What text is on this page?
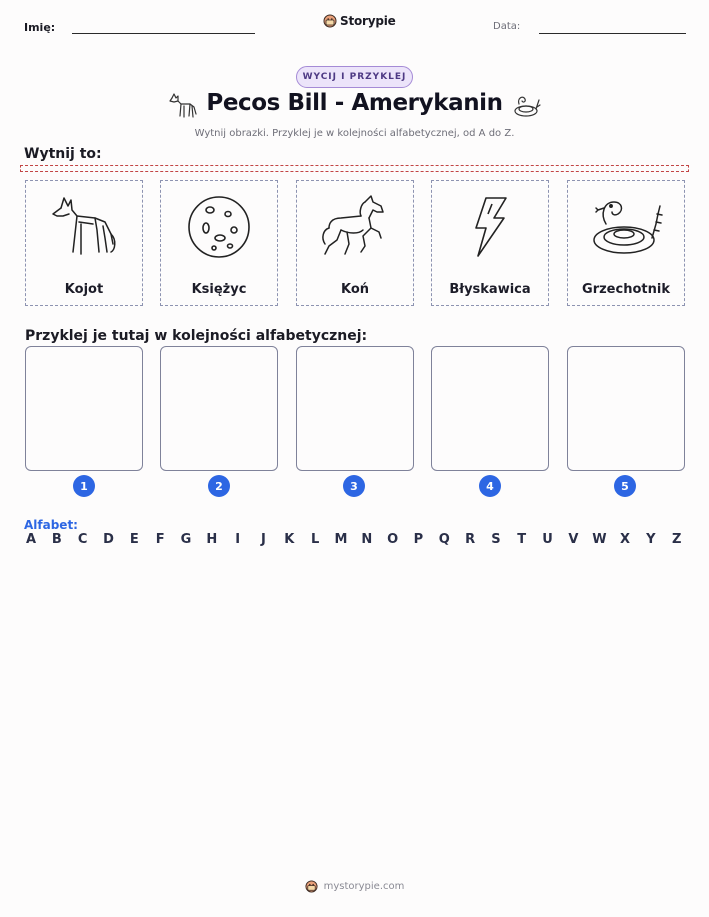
Imię:	Storypie	Data:
WYCIJ I PRZYKLEJ
Pecos Bill - Amerykanin
Wytnij obrazki. Przyklej je w kolejności alfabetycznej, od A do Z.
Wytnij to:
Kojot	Księżyc	Koń	Błyskawica	Grzechotnik
Przyklej je tutaj w kolejności alfabetycznej:
1	2	3	4	5
Alfabet:
A B C D E F G H	I	J	K L M N O P Q R S T U V W X Y Z
mystorypie.com
